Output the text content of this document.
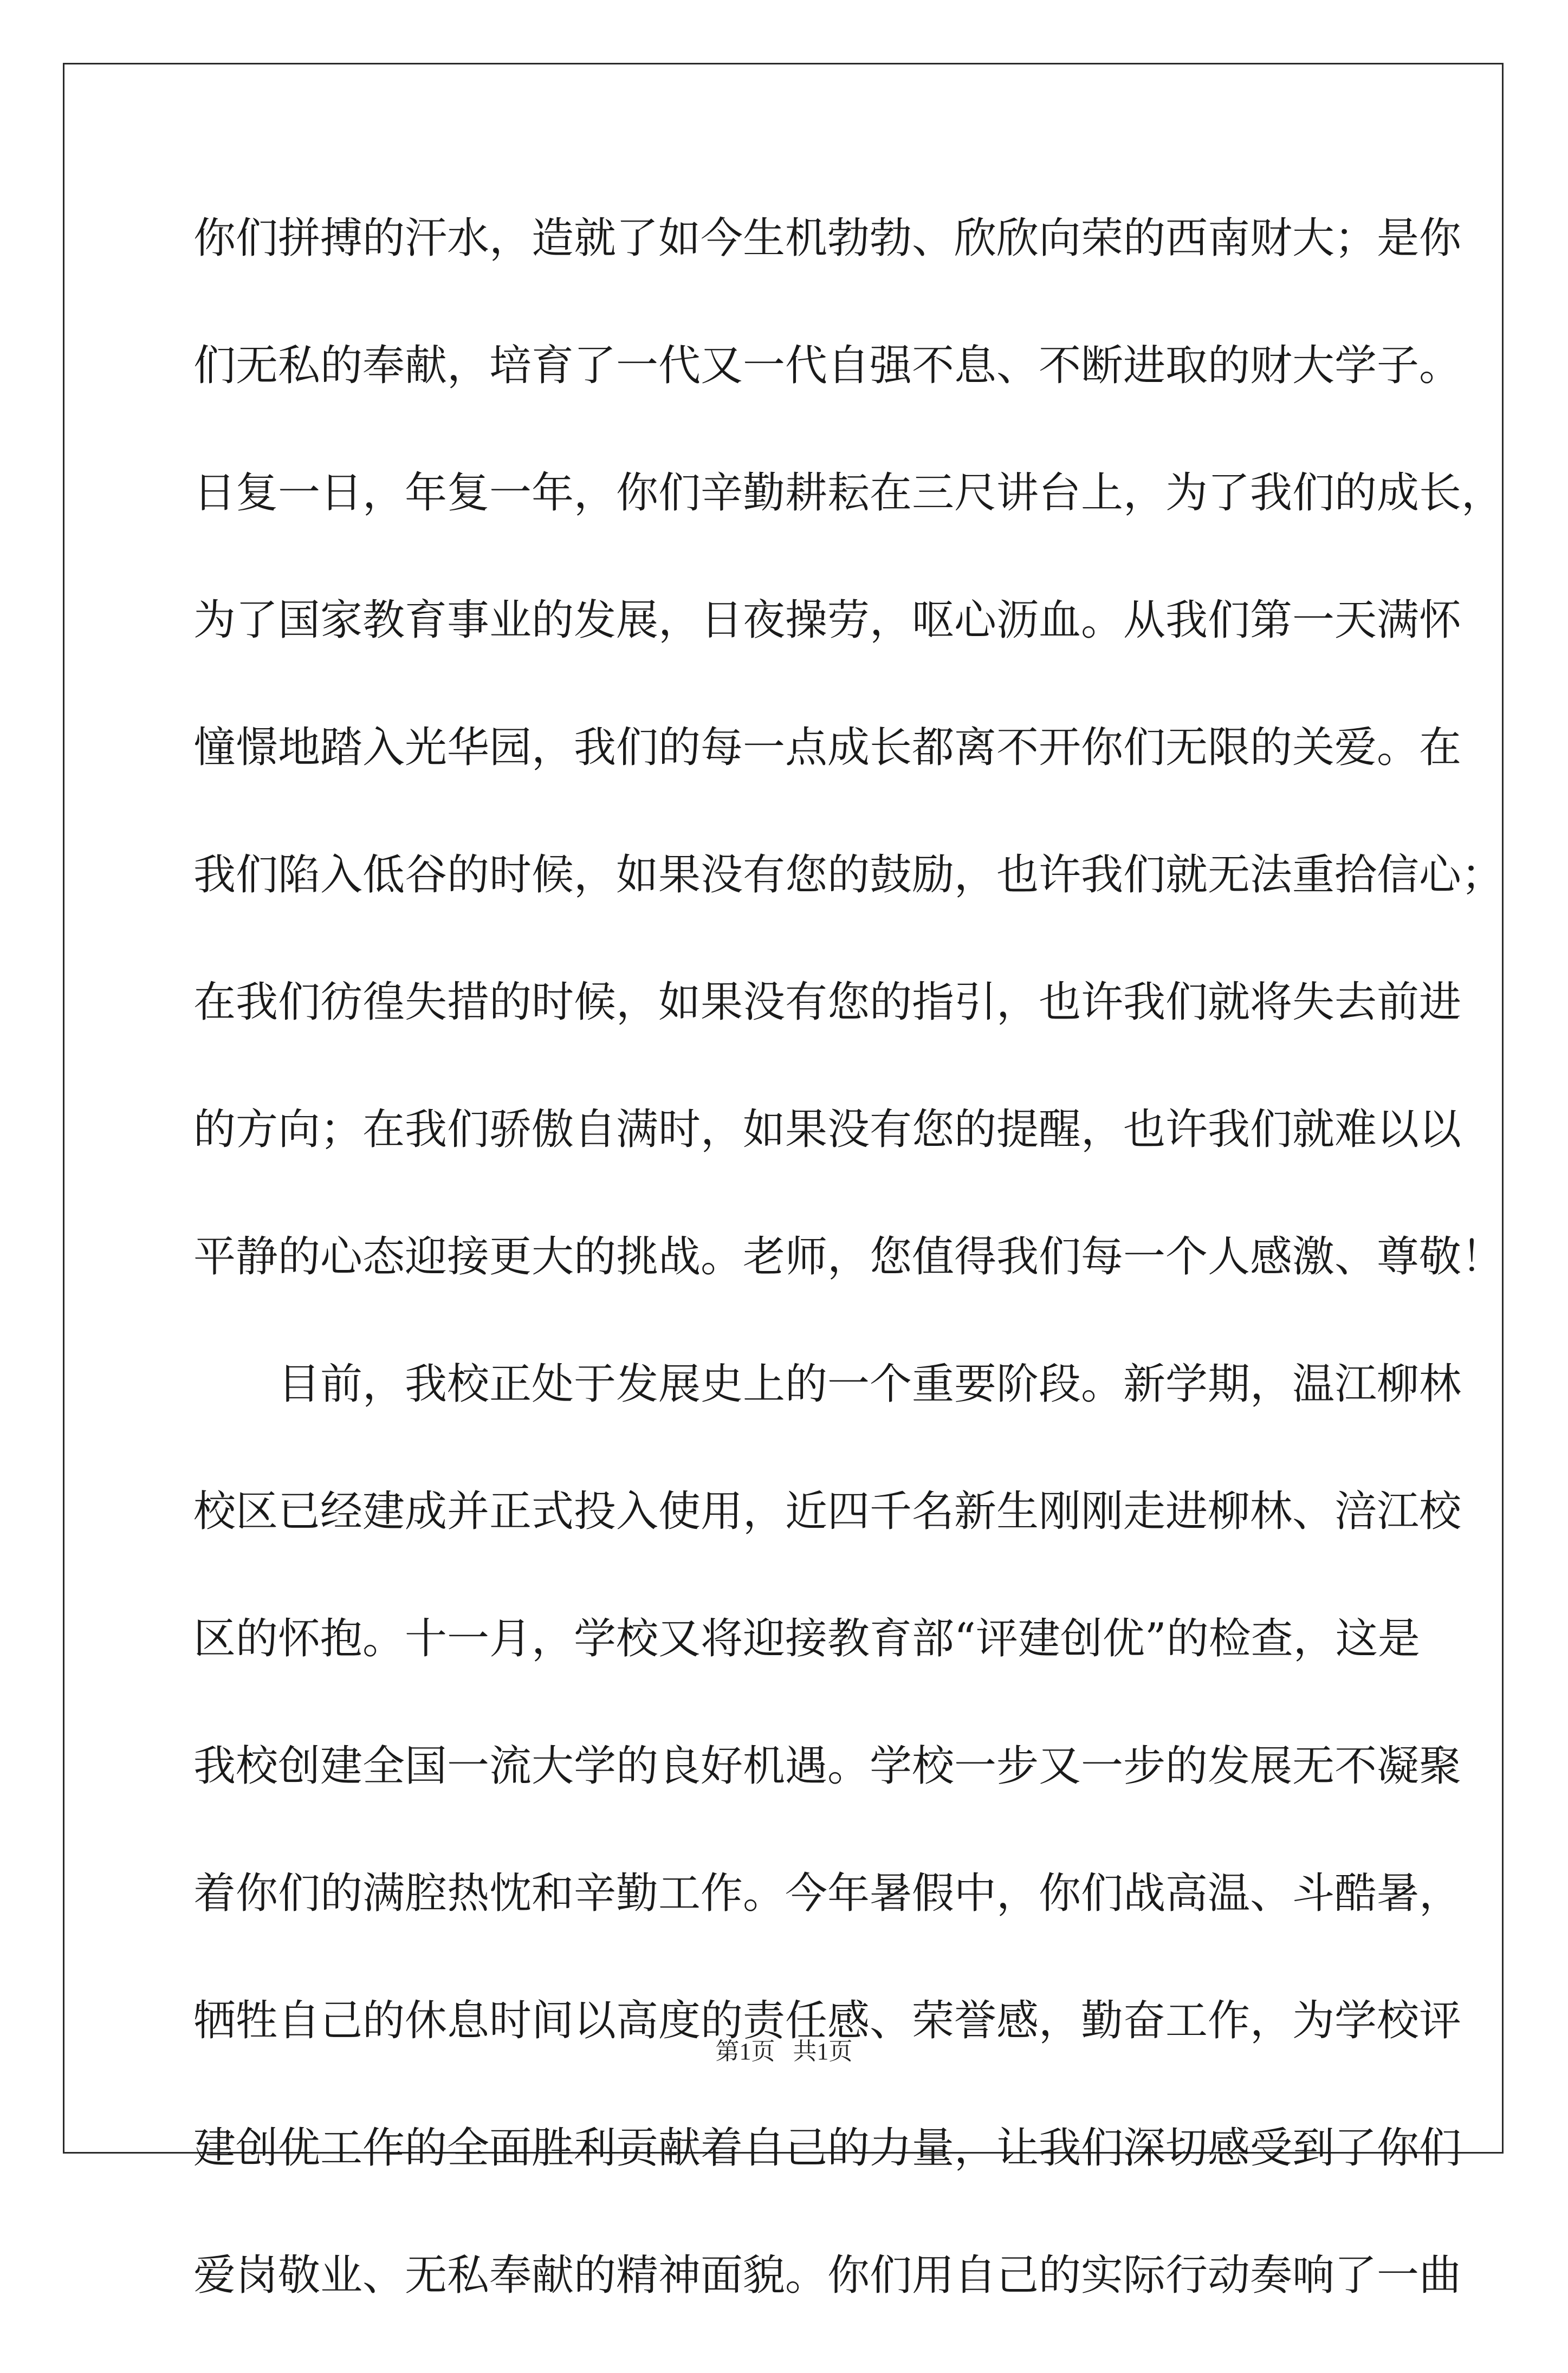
你们拼搏的汗水，造就了如今生机勃勃、欣欣向荣的西南财大；是你
们无私的奉献，培育了一代又一代自强不息、不断进取的财大学子。
日复一日，年复一年，你们辛勤耕耘在三尺讲台上，为了我们的成长，
为了国家教育事业的发展，日夜操劳，呕心沥血。从我们第一天满怀
憧憬地踏入光华园，我们的每一点成长都离不开你们无限的关爱。在
我们陷入低谷的时候，如果没有您的鼓励，也许我们就无法重拾信心；
在我们彷徨失措的时候，如果没有您的指引，也许我们就将失去前进
的方向；在我们骄傲自满时，如果没有您的提醒，也许我们就难以以
平静的心态迎接更大的挑战。老师，您值得我们每一个人感激、尊敬！
目前，我校正处于发展史上的一个重要阶段。新学期，温江柳林
校区已经建成并正式投入使用，近四千名新生刚刚走进柳林、涪江校
区的怀抱。十一月，学校又将迎接教育部“评建创优”的检查，这是
我校创建全国一流大学的良好机遇。学校一步又一步的发展无不凝聚
着你们的满腔热忱和辛勤工作。今年暑假中，你们战高温、斗酷暑，
牺牲自己的休息时间以高度的责任感、荣誉感，勤奋工作，为学校评
建创优工作的全面胜利贡献着自己的力量，让我们深切感受到了你们
爱岗敬业、无私奉献的精神面貌。你们用自己的实际行动奏响了一曲
第1页   共1页
